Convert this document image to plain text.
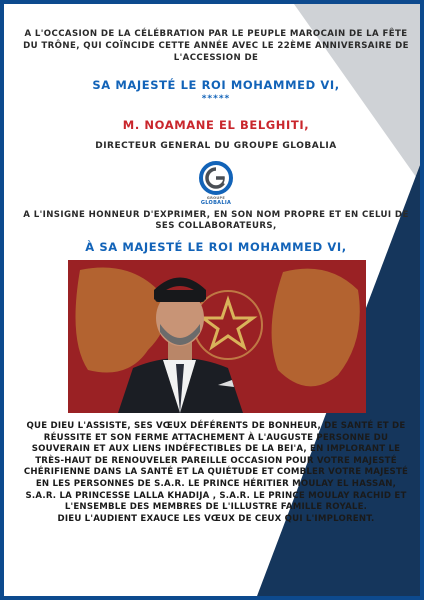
A L'OCCASION DE LA CÉLÉBRATION PAR LE PEUPLE MAROCAIN DE LA FÊTE DU TRÔNE, QUI COÏNCIDE CETTE ANNÉE AVEC LE 22ÈME ANNIVERSAIRE DE L'ACCESSION DE

SA MAJESTÉ LE ROI MOHAMMED VI,

*****

M. NOAMANE EL BELGHITI,

DIRECTEUR GENERAL DU GROUPE GLOBALIA

GROUPE
GLOBALIA

A L'INSIGNE HONNEUR D'EXPRIMER, EN SON NOM PROPRE ET EN CELUI DE SES COLLABORATEURS,

À SA MAJESTÉ LE ROI MOHAMMED VI,

QUE DIEU L'ASSISTE, SES VŒUX DÉFÉRENTS DE BONHEUR, DE SANTÉ ET DE RÉUSSITE ET SON FERME ATTACHEMENT À L'AUGUSTE PERSONNE DU SOUVERAIN ET AUX LIENS INDÉFECTIBLES DE LA BEI'A, EN IMPLORANT LE TRÈS-HAUT DE RENOUVELER PAREILLE OCCASION POUR VOTRE MAJESTÉ CHÉRIFIENNE DANS LA SANTÉ ET LA QUIÉTUDE ET COMBLER VOTRE MAJESTÉ EN LES PERSONNES DE S.A.R. LE PRINCE HÉRITIER MOULAY EL HASSAN, S.A.R. LA PRINCESSE LALLA KHADIJA , S.A.R. LE PRINCE MOULAY RACHID ET L'ENSEMBLE DES MEMBRES DE L'ILLUSTRE FAMILLE ROYALE.
DIEU L'AUDIENT EXAUCE LES VŒUX DE CEUX QUI L'IMPLORENT.
